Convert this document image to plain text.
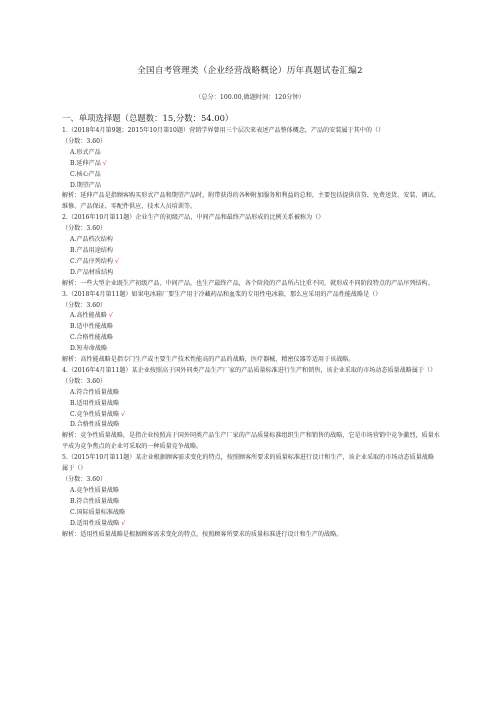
全国自考管理类（企业经营战略概论）历年真题试卷汇编2
（总分：100.00,做题时间：120分钟）
一、单项选择题（总题数：15,分数：54.00）

1.（2018年4月第9题；2015年10月第10题）营销学界曾用三个层次来表述产品整体概念，产品的安装属于其中的（）

（分数：3.60）

A.形式产品

B.延伸产品 √

C.核心产品

D.期望产品

解析：延伸产品是指顾客购买形式产品和期望产品时，附带获得的各种附加服务和利益的总和，主要包括提供信贷、免费送货、安装、调试、维修、产品保证、零配件供应、技术人员培训等。

2.（2016年10月第11题）企业生产的初级产品，中间产品和最终产品形成的比例关系被称为（）

（分数：3.60）

A.产品档次结构

B.产品用途结构

C.产品序列结构 √

D.产品材质结构

解析：一些大型企业既生产初级产品、中间产品，也生产最终产品，各个阶段的产品所占比重不同，就形成不同阶段特点的产品序列结构。

3.（2018年4月第11题）如果电冰箱厂要生产用于冷藏药品和血浆的专用性电冰箱，那么应采用的产品性能战略是（）

（分数：3.60）

A.高性能战略 √

B.适中性能战略

C.合格性能战略

D.短寿命战略

解析：高性能战略是指专门生产或主要生产技术性能高的产品的战略，医疗器械、精密仪器等适用于该战略。

4.（2016年4月第11题）某企业按照高于国外同类产品生产厂家的产品质量标准进行生产和销售，该企业采取的市场动态质量战略属于（）

（分数：3.60）

A.符合性质量战略

B.适用性质量战略

C.竞争性质量战略 √

D.合格性质量战略

解析：竞争性质量战略，是指企业按照高于国外同类产品生产厂家的产品质量标准组织生产和销售的战略，它是市场营销中竞争激烈，质量水平成为竞争焦点的企业可采取的一种质量竞争战略。

5.（2015年10月第11题）某企业根据顾客需求变化的特点，按照顾客所要求的质量标准进行设计和生产，该企业采取的市场动态质量战略属于（）

（分数：3.60）

A.竞争性质量战略

B.符合性质量战略

C.国际质量标准战略

D.适用性质量战略 √

解析：适用性质量战略是根据顾客需求变化的特点，按照顾客所要求的质量标准进行设计和生产的战略。
